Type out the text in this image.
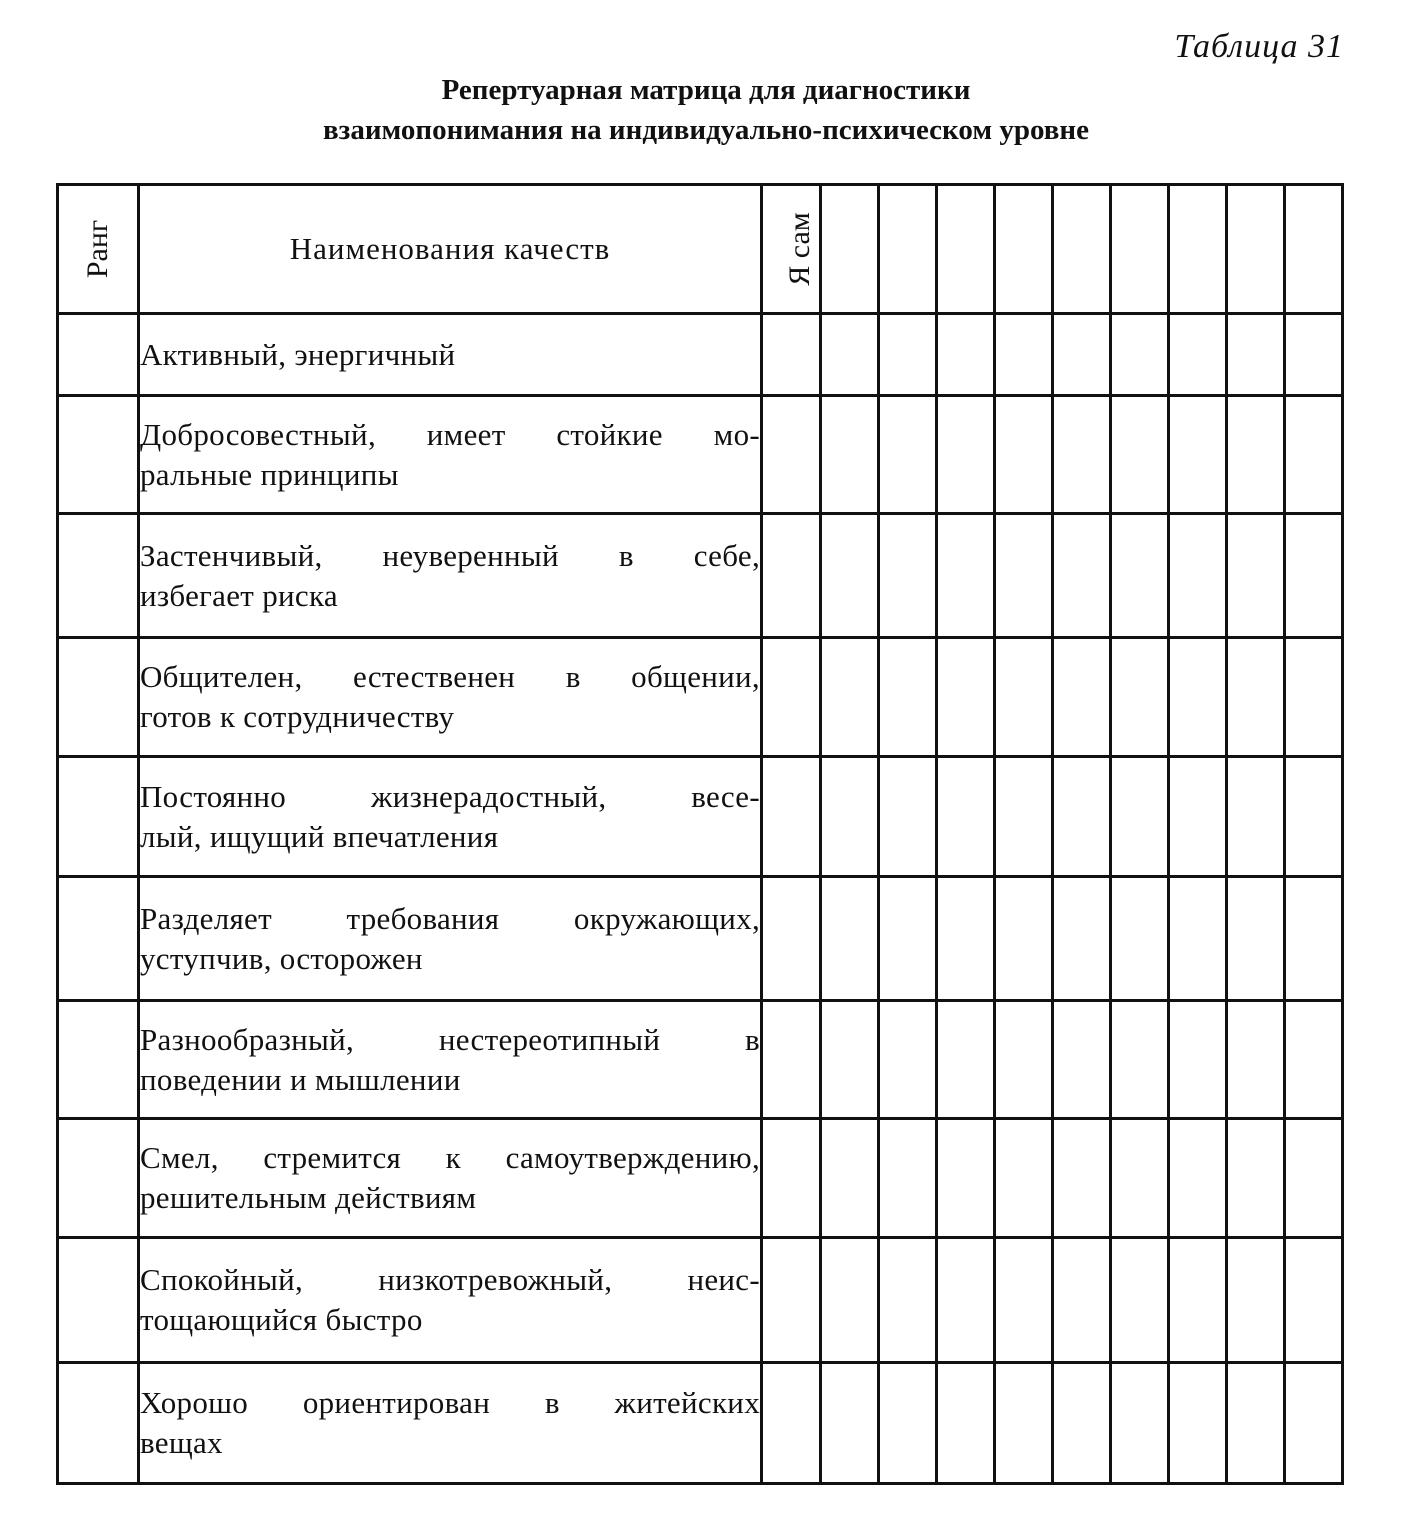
Таблица 31
Репертуарная матрица для диагностики
взаимопонимания на индивидуально-психическом уровне
Ранг	Наименования качеств	Я сам									

	Активный, энергичный										

	Добросовестный, имеет стойкие мо-
ральные принципы										

	Застенчивый, неуверенный в себе,
избегает риска										

	Общителен, естественен в общении,
готов к сотрудничеству										

	Постоянно жизнерадостный, весе-
лый, ищущий впечатления										

	Разделяет требования окружающих,
уступчив, осторожен										

	Разнообразный, нестереотипный в
поведении и мышлении										

	Смел, стремится к самоутверждению,
решительным действиям										

	Спокойный, низкотревожный, неис-
тощающийся быстро										

	Хорошо ориентирован в житейских
вещах										
